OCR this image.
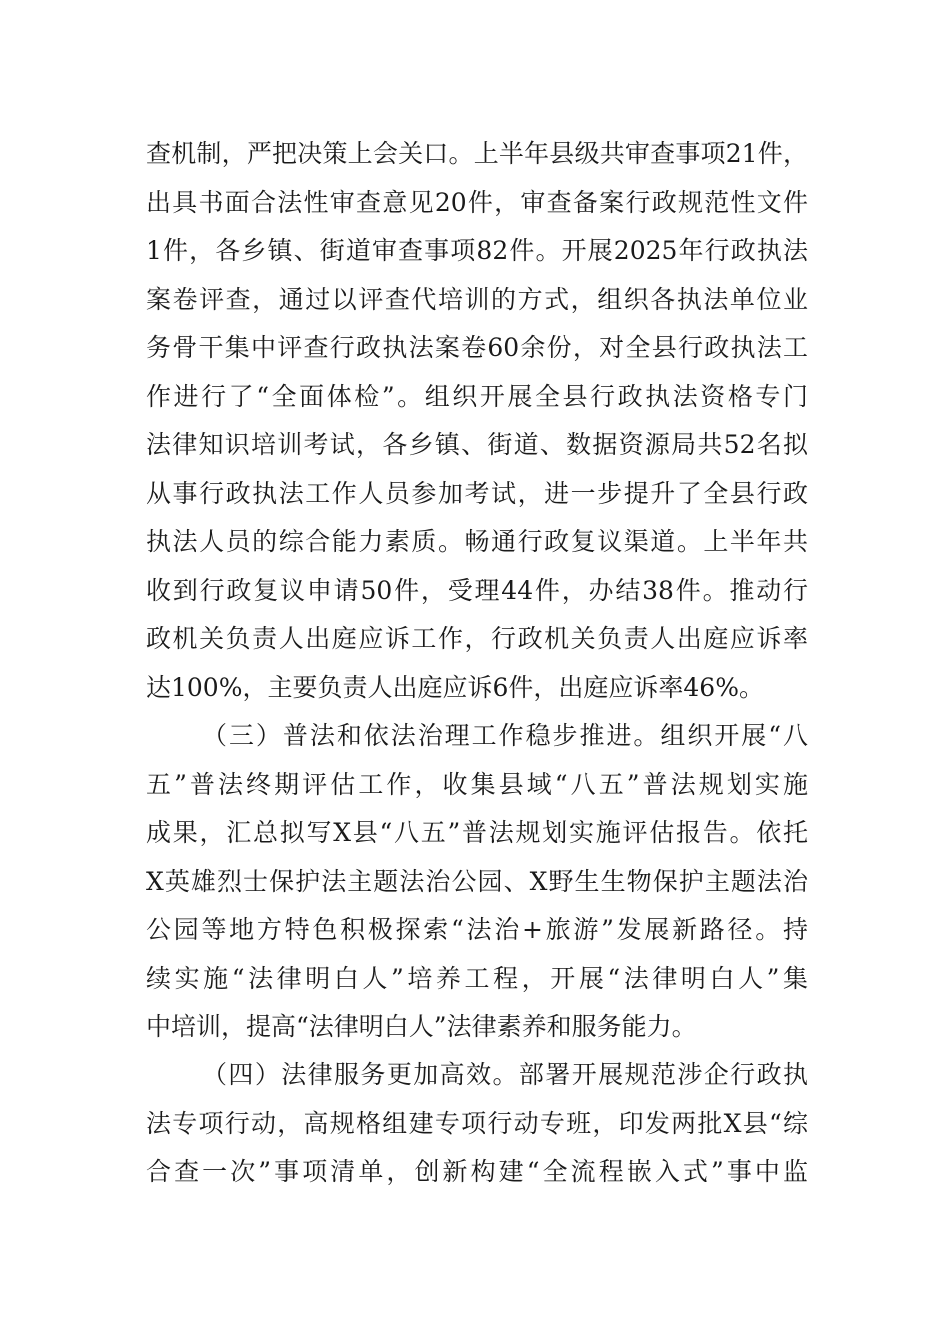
查机制，严把决策上会关口。上半年县级共审查事项21件，
出具书面合法性审查意见20件，审查备案行政规范性文件
1件，各乡镇、街道审查事项82件。开展2025年行政执法
案卷评查，通过以评查代培训的方式，组织各执法单位业
务骨干集中评查行政执法案卷60余份，对全县行政执法工
作进行了“全面体检”。组织开展全县行政执法资格专门
法律知识培训考试，各乡镇、街道、数据资源局共52名拟
从事行政执法工作人员参加考试，进一步提升了全县行政
执法人员的综合能力素质。畅通行政复议渠道。上半年共
收到行政复议申请50件，受理44件，办结38件。推动行
政机关负责人出庭应诉工作，行政机关负责人出庭应诉率
达100%，主要负责人出庭应诉6件，出庭应诉率46%。
（三）普法和依法治理工作稳步推进。组织开展“八
五”普法终期评估工作，收集县域“八五”普法规划实施
成果，汇总拟写X县“八五”普法规划实施评估报告。依托
X英雄烈士保护法主题法治公园、X野生生物保护主题法治
公园等地方特色积极探索“法治+旅游”发展新路径。持
续实施“法律明白人”培养工程，开展“法律明白人”集
中培训，提高“法律明白人”法律素养和服务能力。
（四）法律服务更加高效。部署开展规范涉企行政执
法专项行动，高规格组建专项行动专班，印发两批X县“综
合查一次”事项清单，创新构建“全流程嵌入式”事中监
